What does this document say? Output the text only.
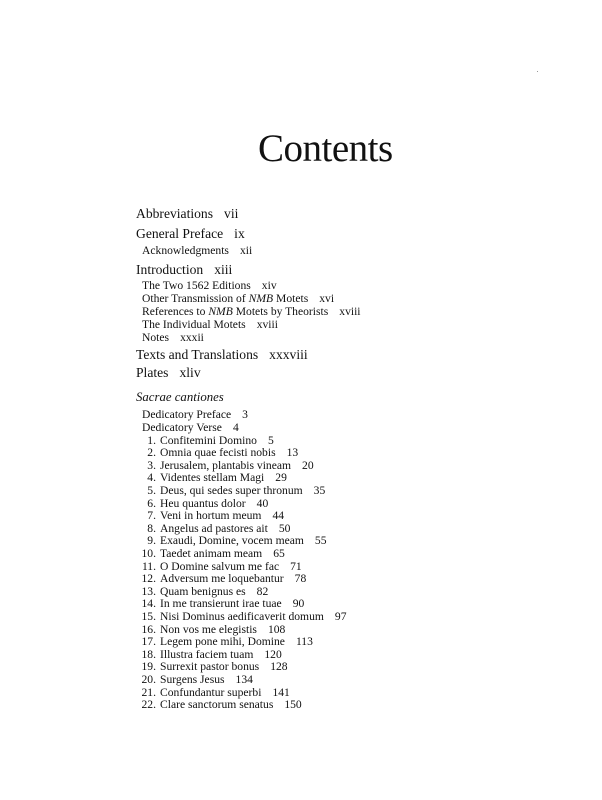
Contents
Abbreviations vii
General Preface ix
Acknowledgments xii
Introduction xiii
The Two 1562 Editions xiv
Other Transmission of NMB Motets xvi
References to NMB Motets by Theorists xviii
The Individual Motets xviii
Notes xxxii
Texts and Translations xxxviii
Plates xliv
Sacrae cantiones
Dedicatory Preface 3
Dedicatory Verse 4
1. Confitemini Domino 5
2. Omnia quae fecisti nobis 13
3. Jerusalem, plantabis vineam 20
4. Videntes stellam Magi 29
5. Deus, qui sedes super thronum 35
6. Heu quantus dolor 40
7. Veni in hortum meum 44
8. Angelus ad pastores ait 50
9. Exaudi, Domine, vocem meam 55
10. Taedet animam meam 65
11. O Domine salvum me fac 71
12. Adversum me loquebantur 78
13. Quam benignus es 82
14. In me transierunt irae tuae 90
15. Nisi Dominus aedificaverit domum 97
16. Non vos me elegistis 108
17. Legem pone mihi, Domine 113
18. Illustra faciem tuam 120
19. Surrexit pastor bonus 128
20. Surgens Jesus 134
21. Confundantur superbi 141
22. Clare sanctorum senatus 150
